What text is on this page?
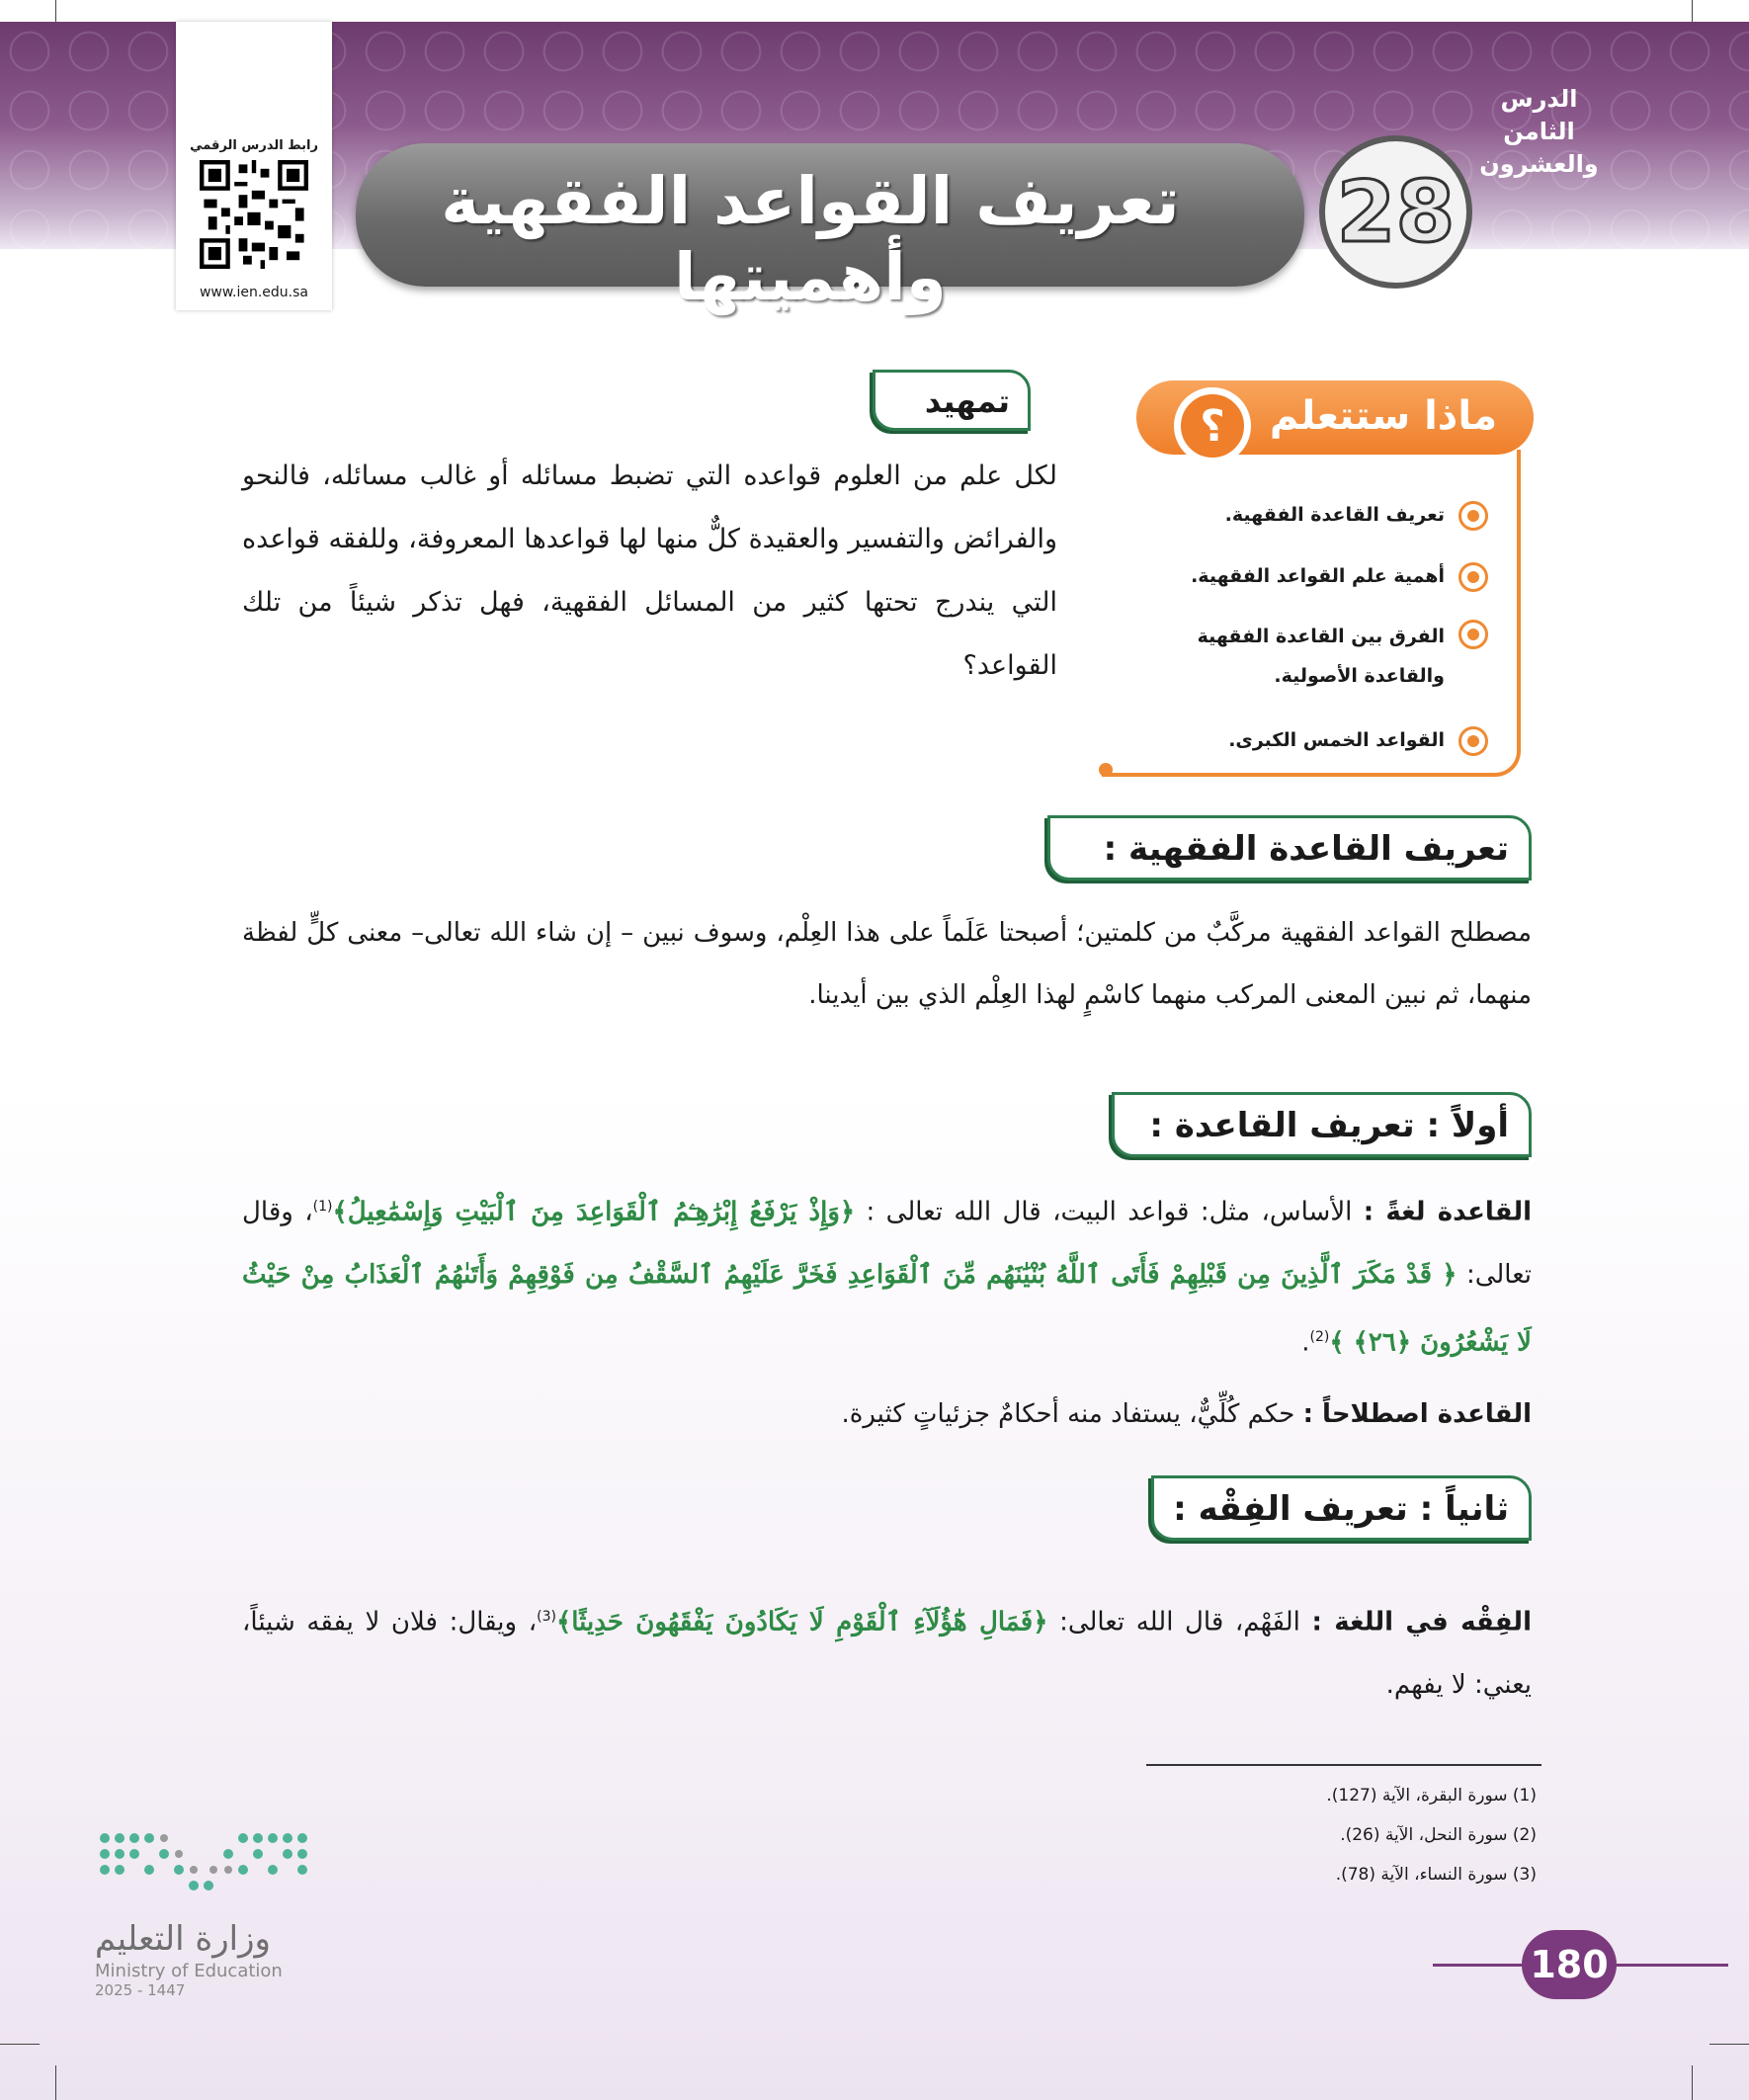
رابط الدرس الرقمي
www.ien.edu.sa
تعريف القواعد الفقهية وأهميتها
28
الدرس
الثامن
والعشرون
ماذا ستتعلم
؟
تعريف القاعدة الفقهية.
أهمية علم القواعد الفقهية.
الفرق بين القاعدة الفقهية والقاعدة الأصولية.
القواعد الخمس الكبرى.
تمهيد
لكل علم من العلوم قواعده التي تضبط مسائله أو غالب مسائله، فالنحو والفرائض والتفسير والعقيدة كلٌّ منها لها قواعدها المعروفة، وللفقه قواعده التي يندرج تحتها كثير من المسائل الفقهية، فهل تذكر شيئاً من تلك القواعد؟
تعريف القاعدة الفقهية :
مصطلح القواعد الفقهية مركَّبٌ من كلمتين؛ أصبحتا عَلَماً على هذا العِلْم، وسوف نبين – إن شاء الله تعالى– معنى كلٍّ لفظة منهما، ثم نبين المعنى المركب منهما كاسْمٍ لهذا العِلْم الذي بين أيدينا.
أولاً : تعريف القاعدة :
القاعدة لغةً : الأساس، مثل: قواعد البيت، قال الله تعالى : ﴿وَإِذْ يَرْفَعُ إِبْرَٰهِـۧمُ ٱلْقَوَاعِدَ مِنَ ٱلْبَيْتِ وَإِسْمَٰعِيلُ﴾$^{(1)}$، وقال تعالى: ﴿ قَدْ مَكَرَ ٱلَّذِينَ مِن قَبْلِهِمْ فَأَتَى ٱللَّهُ بُنْيَٰنَهُم مِّنَ ٱلْقَوَاعِدِ فَخَرَّ عَلَيْهِمُ ٱلسَّقْفُ مِن فَوْقِهِمْ وَأَتَىٰهُمُ ٱلْعَذَابُ مِنْ حَيْثُ لَا يَشْعُرُونَ ﴿٢٦﴾ ﴾$^{(2)}$.
القاعدة اصطلاحاً : حكم كُلِّيٌّ، يستفاد منه أحكامٌ جزئياتٍ كثيرة.
ثانياً : تعريف الفِقْه :
الفِقْه في اللغة : الفَهْم، قال الله تعالى: ﴿فَمَالِ هَٰٓؤُلَآءِ ٱلْقَوْمِ لَا يَكَادُونَ يَفْقَهُونَ حَدِيثًا﴾$^{(3)}$، ويقال: فلان لا يفقه شيئاً، يعني: لا يفهم.
(1) سورة البقرة، الآية (127).
(2) سورة النحل، الآية (26).
(3) سورة النساء، الآية (78).
180
وزارة التعليم
Ministry of Education
2025 - 1447
